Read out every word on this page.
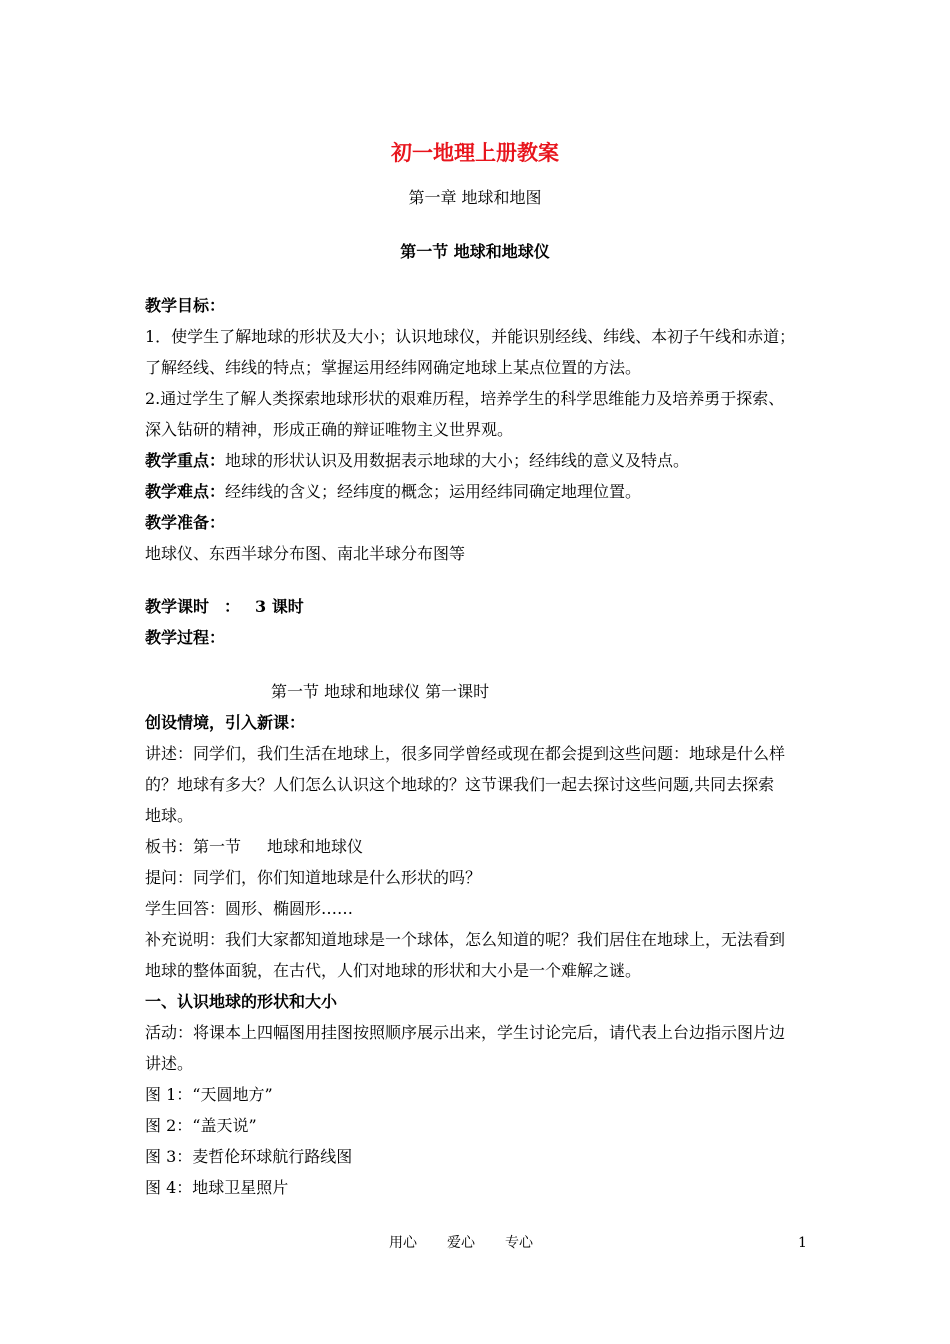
初一地理上册教案
第一章 地球和地图
第一节 地球和地球仪
教学目标：
1．使学生了解地球的形状及大小；认识地球仪，并能识别经线、纬线、本初子午线和赤道；
了解经线、纬线的特点；掌握运用经纬网确定地球上某点位置的方法。
2.通过学生了解人类探索地球形状的艰难历程，培养学生的科学思维能力及培养勇于探索、
深入钻研的精神，形成正确的辩证唯物主义世界观。
教学重点：地球的形状认识及用数据表示地球的大小；经纬线的意义及特点。
教学难点：经纬线的含义；经纬度的概念；运用经纬同确定地理位置。
教学准备：
地球仪、东西半球分布图、南北半球分布图等
教学课时 ： 3 课时
教学过程：
第一节 地球和地球仪 第一课时
创设情境，引入新课：
讲述：同学们，我们生活在地球上，很多同学曾经或现在都会提到这些问题：地球是什么样
的？地球有多大？人们怎么认识这个地球的？这节课我们一起去探讨这些问题,共同去探索
地球。
板书：第一节 地球和地球仪
提问：同学们，你们知道地球是什么形状的吗？
学生回答：圆形、椭圆形……
补充说明：我们大家都知道地球是一个球体，怎么知道的呢？我们居住在地球上，无法看到
地球的整体面貌，在古代，人们对地球的形状和大小是一个难解之谜。
一、认识地球的形状和大小
活动：将课本上四幅图用挂图按照顺序展示出来，学生讨论完后，请代表上台边指示图片边
讲述。
图 1：“天圆地方”
图 2：“盖天说”
图 3：麦哲伦环球航行路线图
图 4：地球卫星照片
用心 爱心 专心	1
